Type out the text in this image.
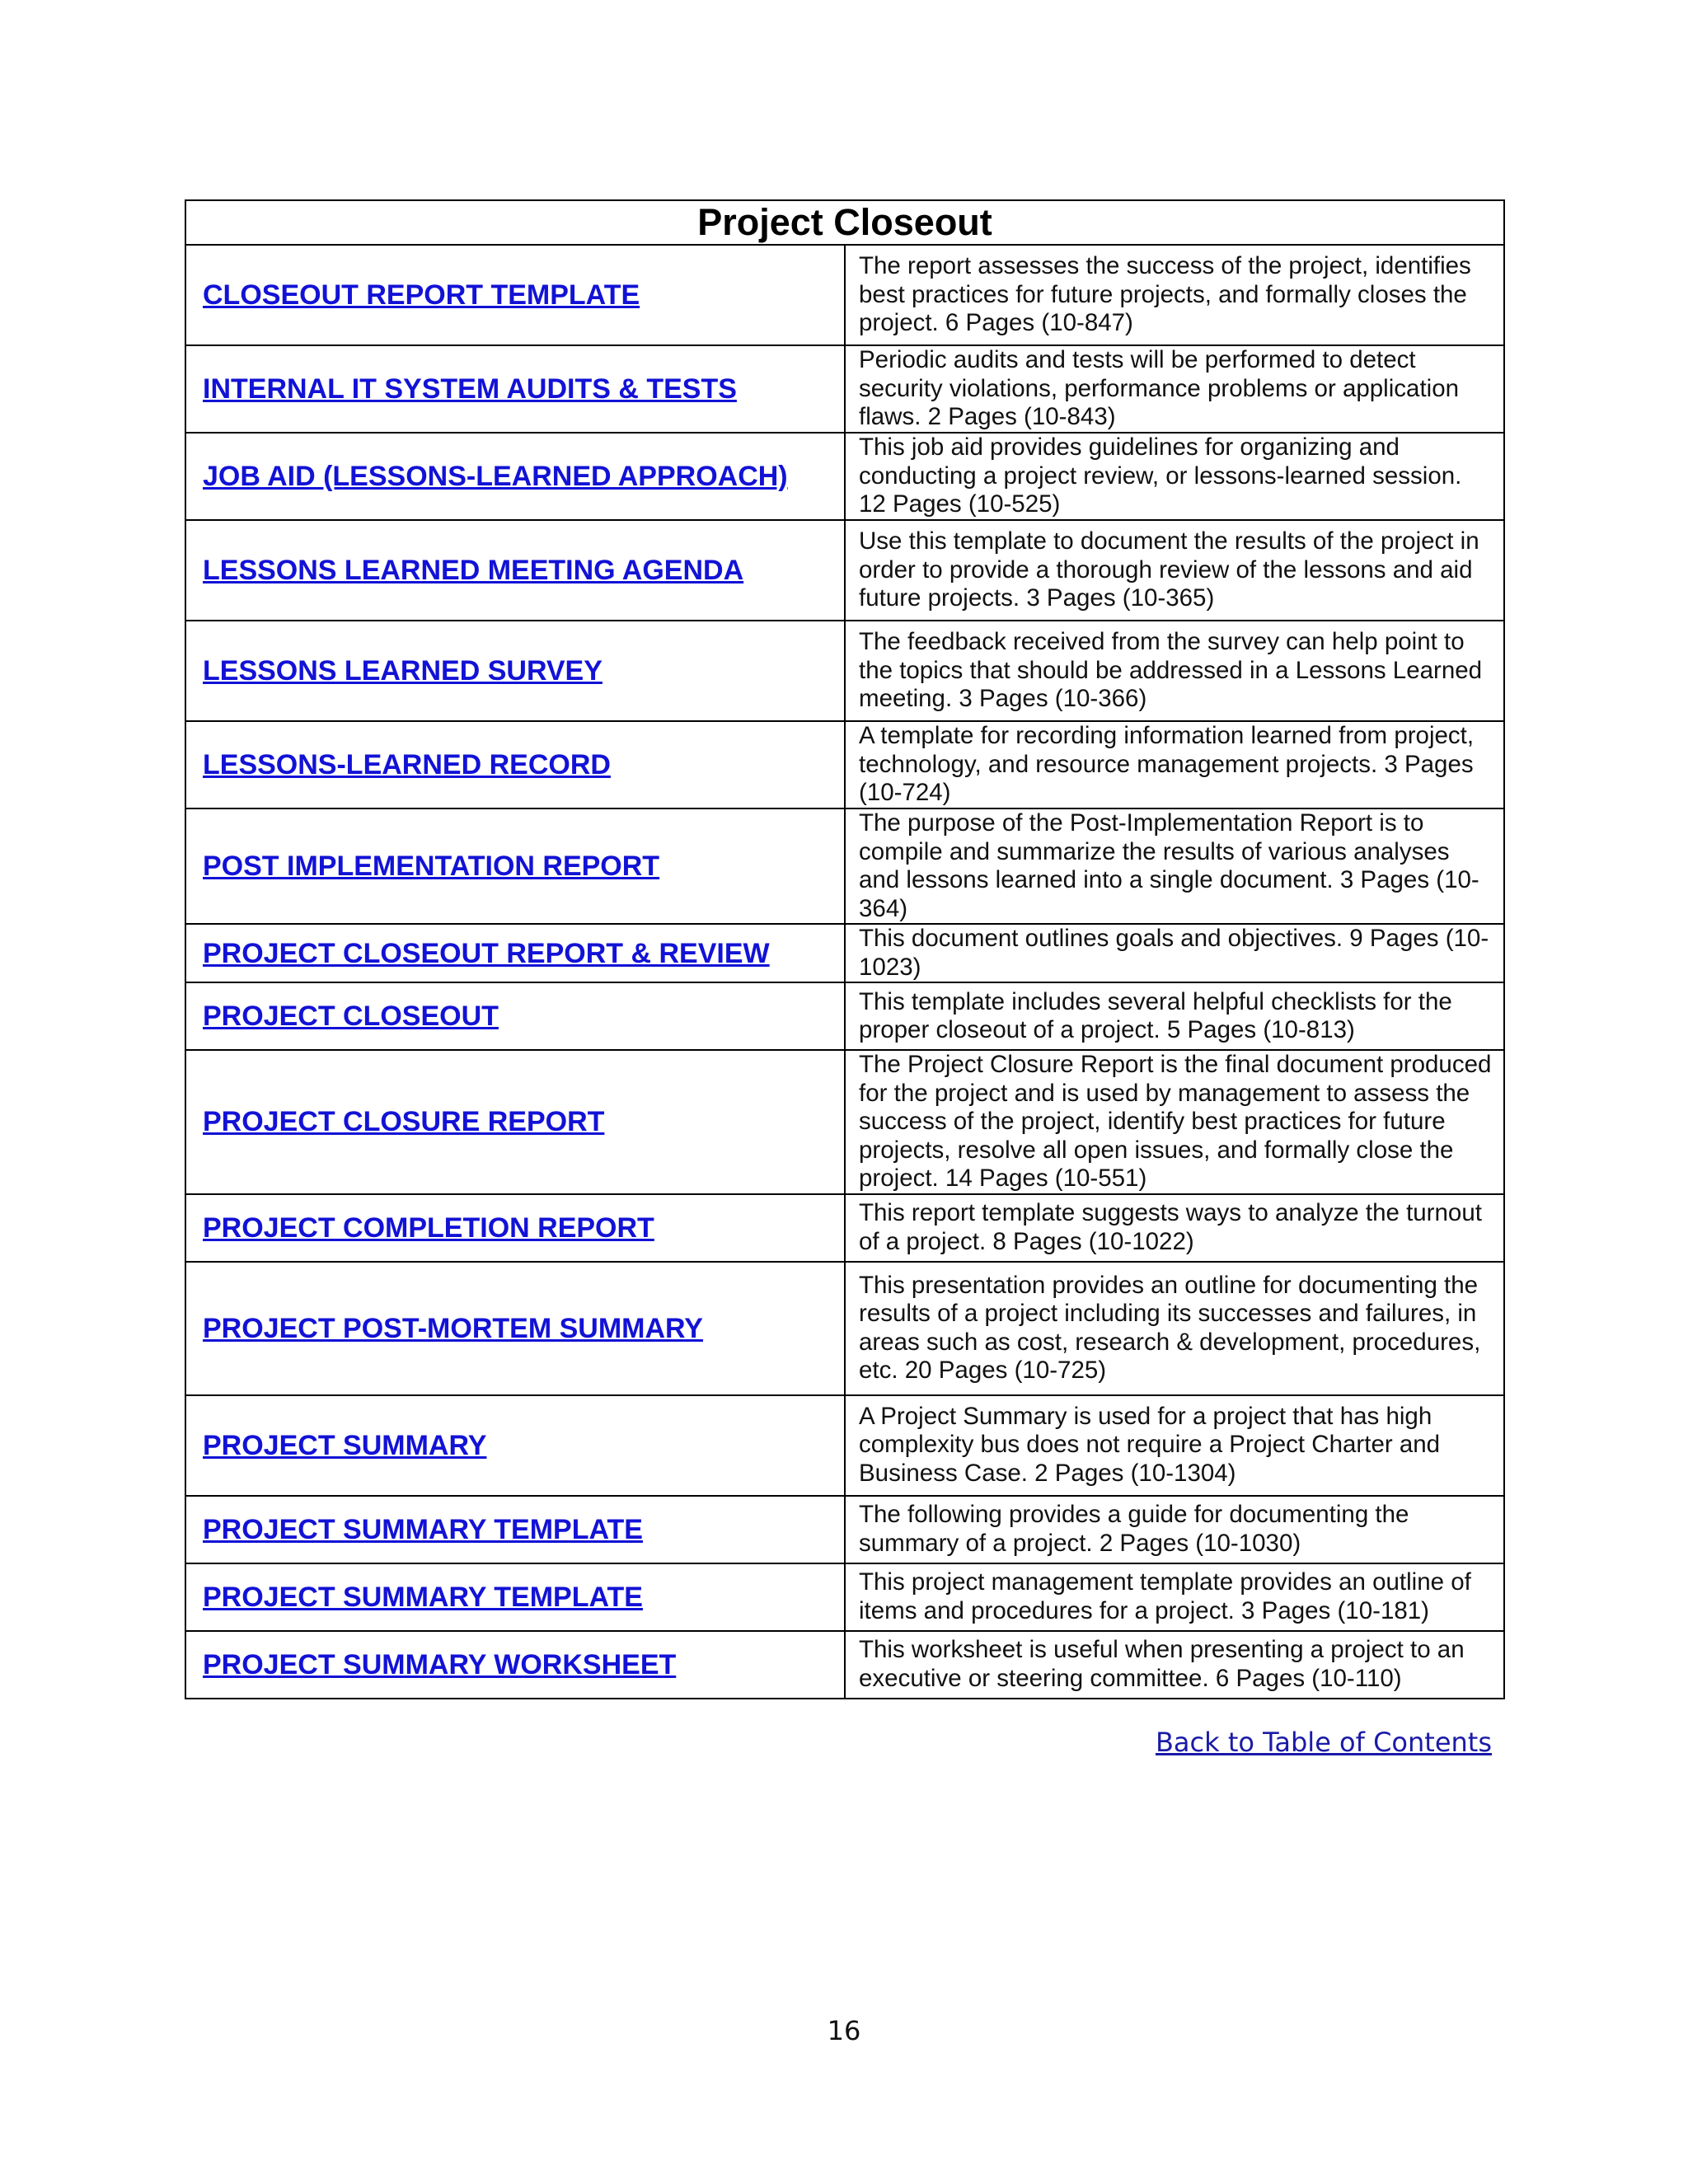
Project Closeout	

CLOSEOUT REPORT TEMPLATE	The report assesses the success of the project, identifies best practices for future projects, and formally closes the project. 6 Pages (10-847)

INTERNAL IT SYSTEM AUDITS & TESTS	Periodic audits and tests will be performed to detect security violations, performance problems or application flaws. 2 Pages (10-843)

JOB AID (LESSONS-LEARNED APPROACH)	This job aid provides guidelines for organizing and conducting a project review, or lessons-learned session. 12 Pages (10-525)

LESSONS LEARNED MEETING AGENDA	Use this template to document the results of the project in order to provide a thorough review of the lessons and aid future projects. 3 Pages (10-365)

LESSONS LEARNED SURVEY	The feedback received from the survey can help point to the topics that should be addressed in a Lessons Learned meeting. 3 Pages (10-366)

LESSONS-LEARNED RECORD	A template for recording information learned from project, technology, and resource management projects. 3 Pages (10-724)

POST IMPLEMENTATION REPORT	The purpose of the Post-Implementation Report is to compile and summarize the results of various analyses and lessons learned into a single document. 3 Pages (10-364)

PROJECT CLOSEOUT REPORT & REVIEW	This document outlines goals and objectives. 9 Pages (10-1023)

PROJECT CLOSEOUT	This template includes several helpful checklists for the proper closeout of a project. 5 Pages (10-813)

PROJECT CLOSURE REPORT	The Project Closure Report is the final document produced for the project and is used by management to assess the success of the project, identify best practices for future projects, resolve all open issues, and formally close the project. 14 Pages (10-551)

PROJECT COMPLETION REPORT	This report template suggests ways to analyze the turnout of a project. 8 Pages (10-1022)

PROJECT POST-MORTEM SUMMARY	This presentation provides an outline for documenting the results of a project including its successes and failures, in areas such as cost, research & development, procedures, etc. 20 Pages (10-725)

PROJECT SUMMARY	A Project Summary is used for a project that has high complexity bus does not require a Project Charter and Business Case. 2 Pages (10-1304)

PROJECT SUMMARY TEMPLATE	The following provides a guide for documenting the summary of a project. 2 Pages (10-1030)

PROJECT SUMMARY TEMPLATE	This project management template provides an outline of items and procedures for a project. 3 Pages (10-181)

PROJECT SUMMARY WORKSHEET	This worksheet is useful when presenting a project to an executive or steering committee. 6 Pages (10-110)
Back to Table of Contents
16
